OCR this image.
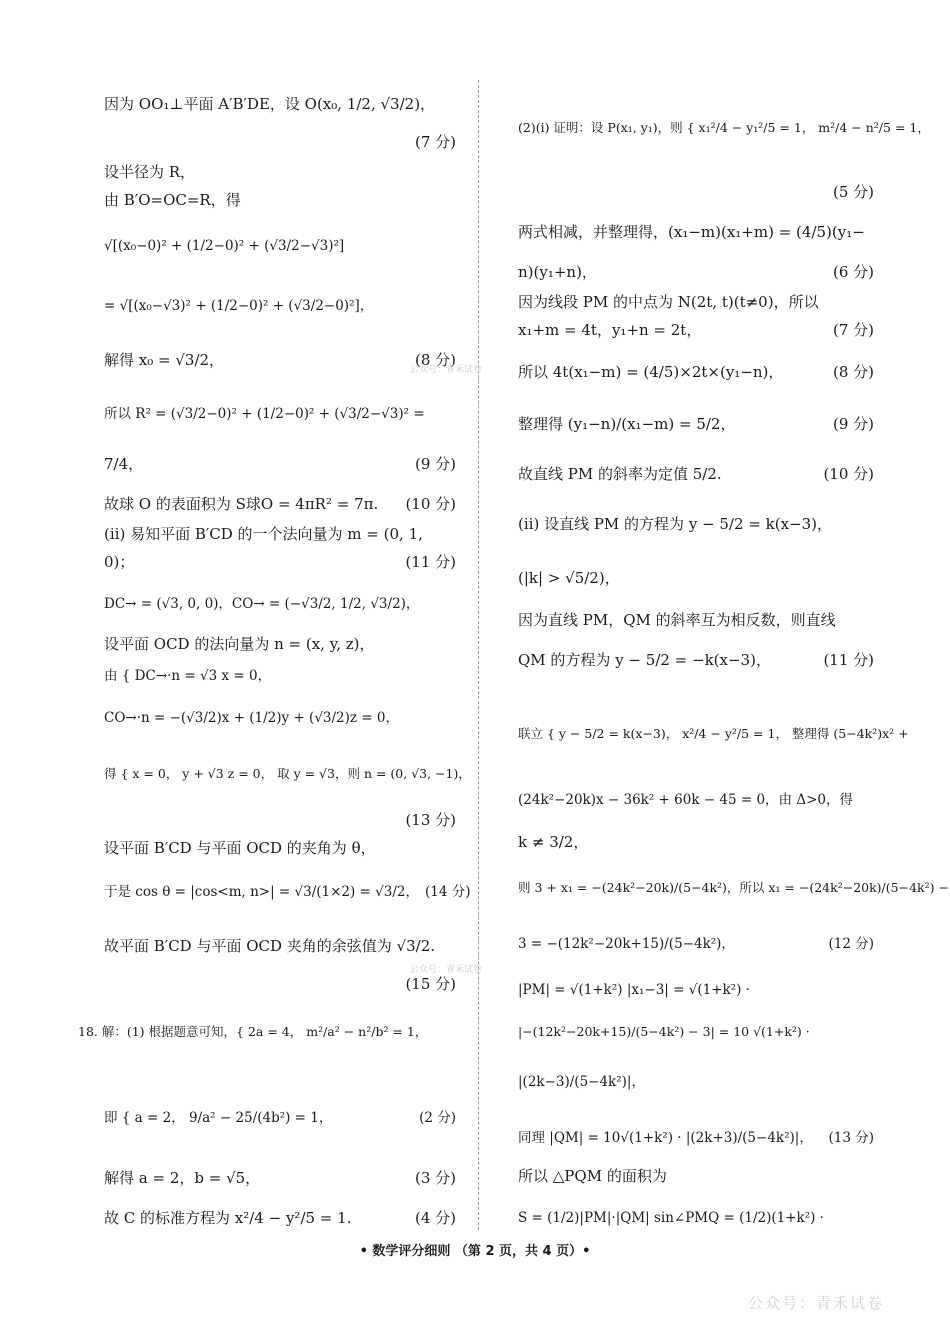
因为 OO₁⊥平面 A′B′DE，设 O(x₀, 1/2, √3/2)，
(7 分)
设半径为 R，
由 B′O=OC=R，得
√[(x₀−0)² + (1/2−0)² + (√3/2−√3)²]
= √[(x₀−√3)² + (1/2−0)² + (√3/2−0)²]，
解得 x₀ = √3/2，	(8 分)
所以 R² = (√3/2−0)² + (1/2−0)² + (√3/2−√3)² =
7/4，	(9 分)
故球 O 的表面积为 S球O = 4πR² = 7π.	(10 分)
(ⅱ) 易知平面 B′CD 的一个法向量为 m = (0, 1,
0)；	(11 分)
DC→ = (√3, 0, 0)，CO→ = (−√3/2, 1/2, √3/2)，
设平面 OCD 的法向量为 n = (x, y, z)，
由 { DC→·n = √3 x = 0，
CO→·n = −(√3/2)x + (1/2)y + (√3/2)z = 0，
得 { x = 0， y + √3 z = 0， 取 y = √3，则 n = (0, √3, −1)，
(13 分)
设平面 B′CD 与平面 OCD 的夹角为 θ，
于是 cos θ = |cos<m, n>| = √3/(1×2) = √3/2， (14 分)
故平面 B′CD 与平面 OCD 夹角的余弦值为 √3/2.
(15 分)
18. 解：(1) 根据题意可知，{ 2a = 4， m²/a² − n²/b² = 1，
即 { a = 2， 9/a² − 25/(4b²) = 1，	(2 分)
解得 a = 2，b = √5，	(3 分)
故 C 的标准方程为 x²/4 − y²/5 = 1.	(4 分)
(2)(ⅰ) 证明：设 P(x₁, y₁)，则 { x₁²/4 − y₁²/5 = 1， m²/4 − n²/5 = 1，
(5 分)
两式相减，并整理得，(x₁−m)(x₁+m) = (4/5)(y₁−
n)(y₁+n)，	(6 分)
因为线段 PM 的中点为 N(2t, t)(t≠0)，所以
x₁+m = 4t，y₁+n = 2t，	(7 分)
所以 4t(x₁−m) = (4/5)×2t×(y₁−n)，	(8 分)
整理得 (y₁−n)/(x₁−m) = 5/2，	(9 分)
故直线 PM 的斜率为定值 5/2.	(10 分)
(ⅱ) 设直线 PM 的方程为 y − 5/2 = k(x−3)，
(|k| > √5/2)，
因为直线 PM，QM 的斜率互为相反数，则直线
QM 的方程为 y − 5/2 = −k(x−3)，	(11 分)
联立 { y − 5/2 = k(x−3)， x²/4 − y²/5 = 1， 整理得 (5−4k²)x² +
(24k²−20k)x − 36k² + 60k − 45 = 0，由 Δ>0，得
k ≠ 3/2，
则 3 + x₁ = −(24k²−20k)/(5−4k²)，所以 x₁ = −(24k²−20k)/(5−4k²) −
3 = −(12k²−20k+15)/(5−4k²)，	(12 分)
|PM| = √(1+k²) |x₁−3| = √(1+k²) ·
|−(12k²−20k+15)/(5−4k²) − 3| = 10 √(1+k²) ·
|(2k−3)/(5−4k²)|，
同理 |QM| = 10√(1+k²) · |(2k+3)/(5−4k²)|，	(13 分)
所以 △PQM 的面积为
S = (1/2)|PM|·|QM| sin∠PMQ = (1/2)(1+k²) ·
公众号：青禾试卷
公众号：青禾试卷
• 数学评分细则 （第 2 页，共 4 页）•
公众号：青禾试卷
